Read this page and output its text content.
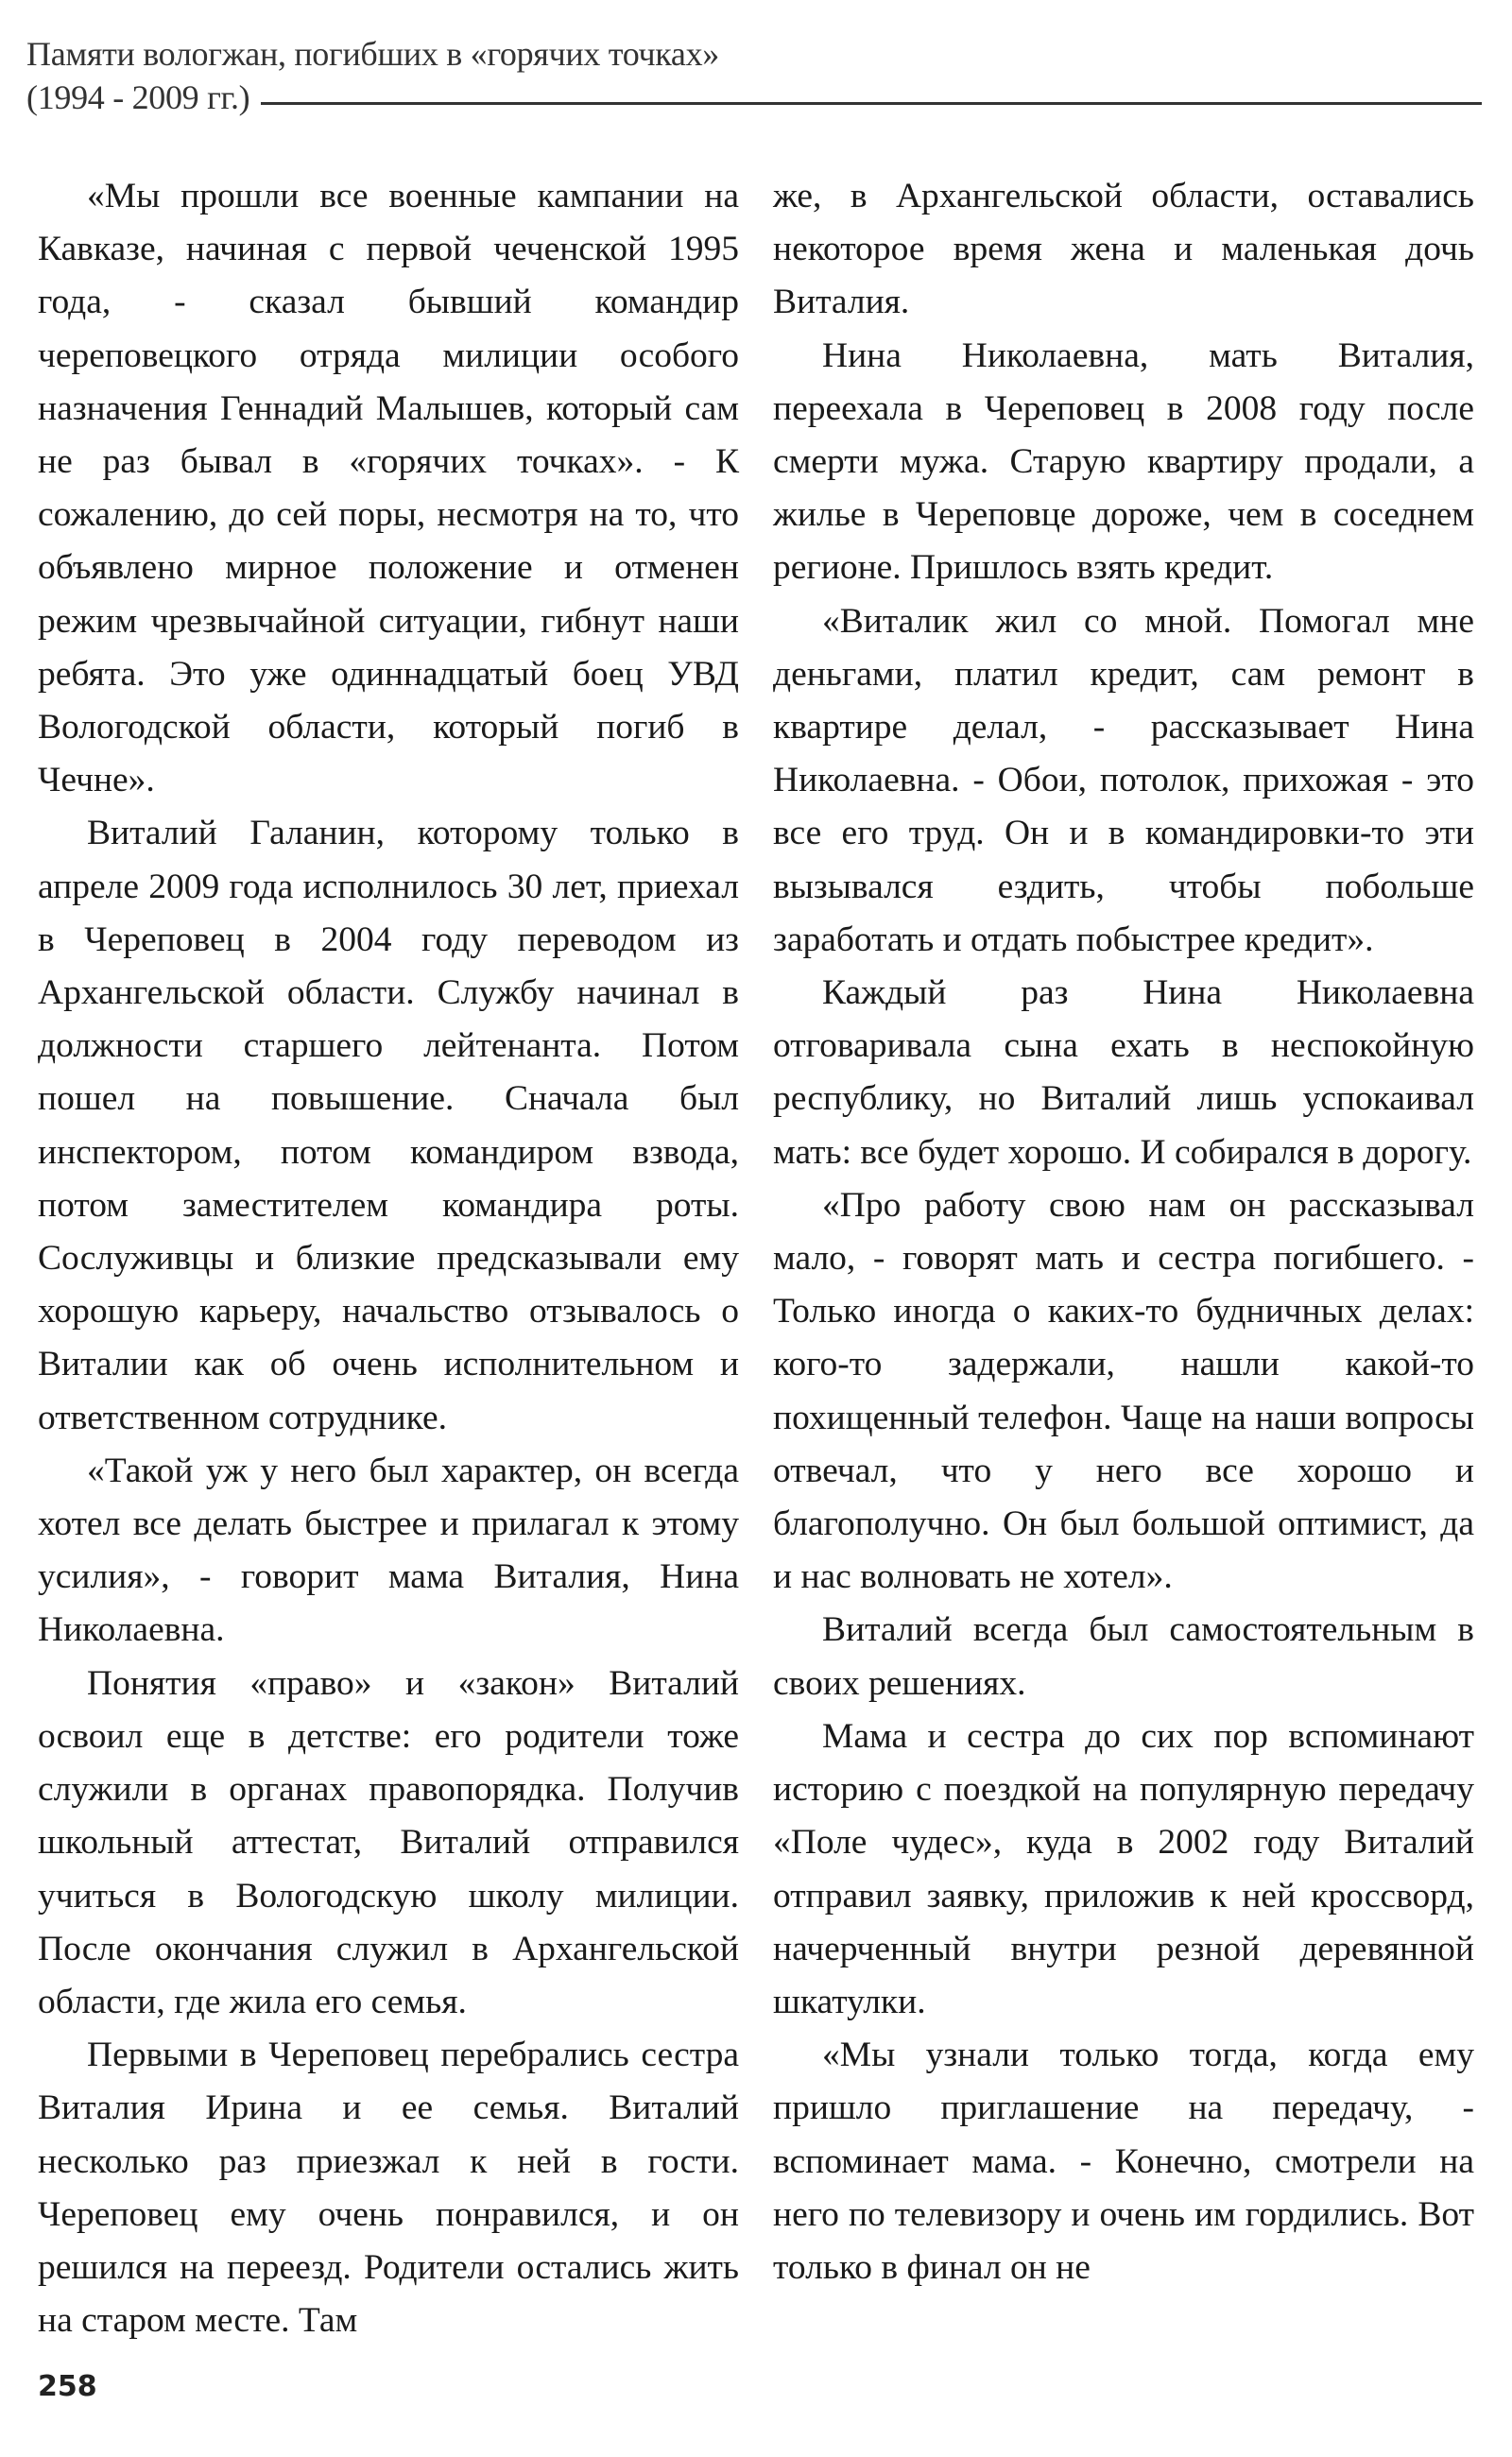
Памяти вологжан, погибших в «горячих точках»
(1994 - 2009 гг.)

«Мы прошли все военные кампании на Кавказе, начиная с первой чеченской 1995 года, - сказал бывший командир череповецкого отряда милиции особого назначения Геннадий Малышев, который сам не раз бывал в «горячих точках». - К сожалению, до сей поры, несмотря на то, что объявлено мирное положение и отменен режим чрезвычайной ситуации, гибнут наши ребята. Это уже одиннадцатый боец УВД Вологодской области, который погиб в Чечне».

Виталий Галанин, которому только в апреле 2009 года исполнилось 30 лет, приехал в Череповец в 2004 году переводом из Архангельской области. Службу начинал в должности старшего лейтенанта. Потом пошел на повышение. Сначала был инспектором, потом командиром взвода, потом заместителем командира роты. Сослуживцы и близкие предсказывали ему хорошую карьеру, начальство отзывалось о Виталии как об очень исполнительном и ответственном сотруднике.

«Такой уж у него был характер, он всегда хотел все делать быстрее и прилагал к этому усилия», - говорит мама Виталия, Нина Николаевна.

Понятия «право» и «закон» Виталий освоил еще в детстве: его родители тоже служили в органах правопорядка. Получив школьный аттестат, Виталий отправился учиться в Вологодскую школу милиции. После окончания служил в Архангельской области, где жила его семья.

Первыми в Череповец перебрались сестра Виталия Ирина и ее семья. Виталий несколько раз приезжал к ней в гости. Череповец ему очень понравился, и он решился на переезд. Родители остались жить на старом месте. Там

же, в Архангельской области, оставались некоторое время жена и маленькая дочь Виталия.

Нина Николаевна, мать Виталия, переехала в Череповец в 2008 году после смерти мужа. Старую квартиру продали, а жилье в Череповце дороже, чем в соседнем регионе. Пришлось взять кредит.

«Виталик жил со мной. Помогал мне деньгами, платил кредит, сам ремонт в квартире делал, - рассказывает Нина Николаевна. - Обои, потолок, прихожая - это все его труд. Он и в командировки-то эти вызывался ездить, чтобы побольше заработать и отдать побыстрее кредит».

Каждый раз Нина Николаевна отговаривала сына ехать в неспокойную республику, но Виталий лишь успокаивал мать: все будет хорошо. И собирался в дорогу.

«Про работу свою нам он рассказывал мало, - говорят мать и сестра погибшего. - Только иногда о каких-то будничных делах: кого-то задержали, нашли какой-то похищенный телефон. Чаще на наши вопросы отвечал, что у него все хорошо и благополучно. Он был большой оптимист, да и нас волновать не хотел».

Виталий всегда был самостоятельным в своих решениях.

Мама и сестра до сих пор вспоминают историю с поездкой на популярную передачу «Поле чудес», куда в 2002 году Виталий отправил заявку, приложив к ней кроссворд, начерченный внутри резной деревянной шкатулки.

«Мы узнали только тогда, когда ему пришло приглашение на передачу, - вспоминает мама. - Конечно, смотрели на него по телевизору и очень им гордились. Вот только в финал он не

258
